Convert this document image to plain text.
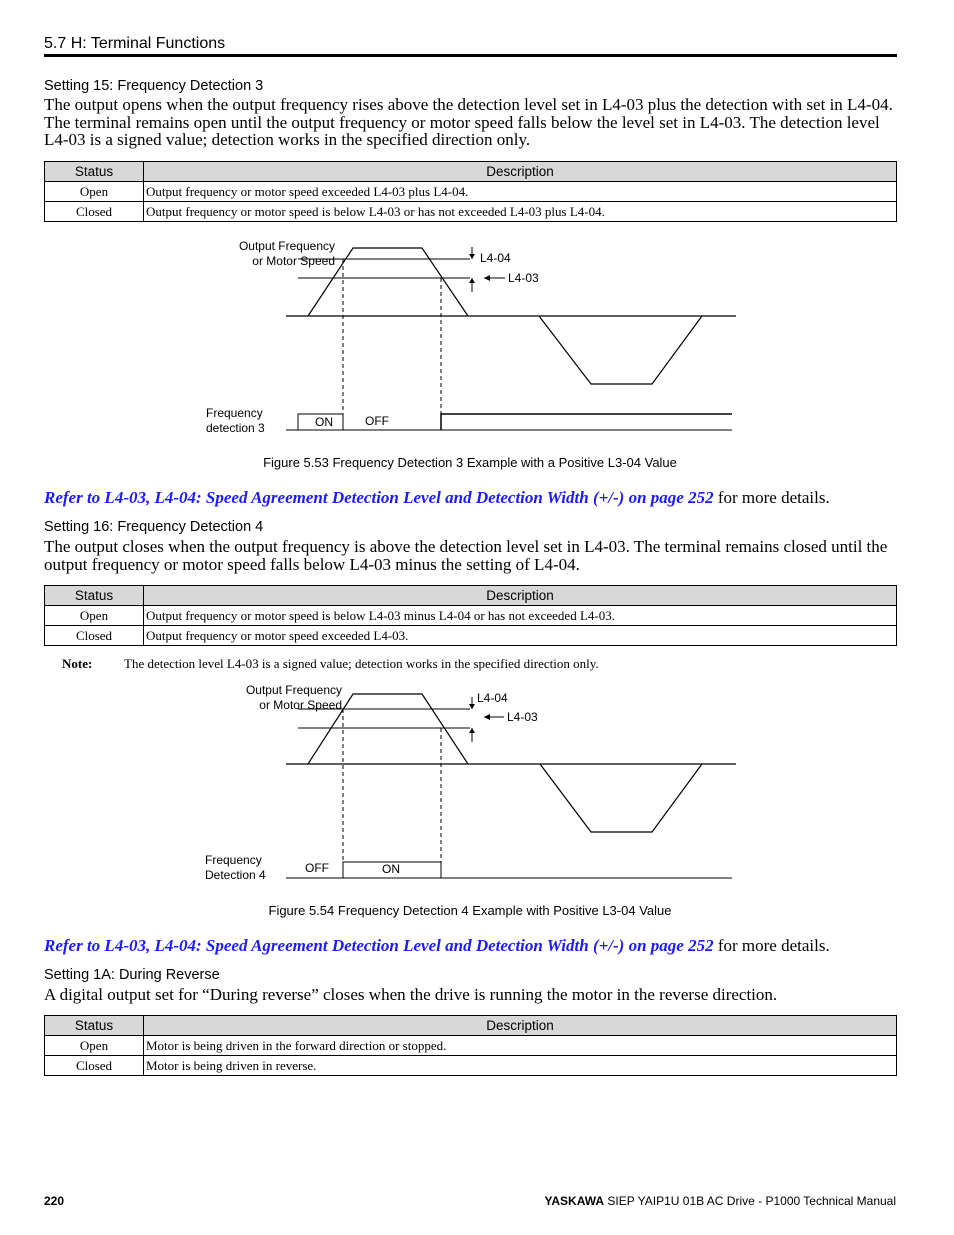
5.7 H: Terminal Functions
Setting 15: Frequency Detection 3
The output opens when the output frequency rises above the detection level set in L4-03 plus the detection with set in L4-04.
The terminal remains open until the output frequency or motor speed falls below the level set in L4-03. The detection level
L4-03 is a signed value; detection works in the specified direction only.
Status	Description
Open	Output frequency or motor speed exceeded L4-03 plus L4-04.
Closed	Output frequency or motor speed is below L4-03 or has not exceeded L4-03 plus L4-04.
Output Frequency
or Motor Speed	L4-04
L4-03
Frequency
detection 3	ON	OFF
Figure 5.53 Frequency Detection 3 Example with a Positive L3-04 Value
Refer to L4-03, L4-04: Speed Agreement Detection Level and Detection Width (+/-) on page 252 for more details.
Setting 16: Frequency Detection 4
The output closes when the output frequency is above the detection level set in L4-03. The terminal remains closed until the
output frequency or motor speed falls below L4-03 minus the setting of L4-04.
Status	Description
Open	Output frequency or motor speed is below L4-03 minus L4-04 or has not exceeded L4-03.
Closed	Output frequency or motor speed exceeded L4-03.
Note: The detection level L4-03 is a signed value; detection works in the specified direction only.
Output Frequency
or Motor Speed	L4-04
L4-03
Frequency
Detection 4	OFF	ON
Figure 5.54 Frequency Detection 4 Example with Positive L3-04 Value
Refer to L4-03, L4-04: Speed Agreement Detection Level and Detection Width (+/-) on page 252 for more details.
Setting 1A: During Reverse
A digital output set for “During reverse” closes when the drive is running the motor in the reverse direction.
Status	Description
Open	Motor is being driven in the forward direction or stopped.
Closed	Motor is being driven in reverse.
220	YASKAWA SIEP YAIP1U 01B AC Drive - P1000 Technical Manual
